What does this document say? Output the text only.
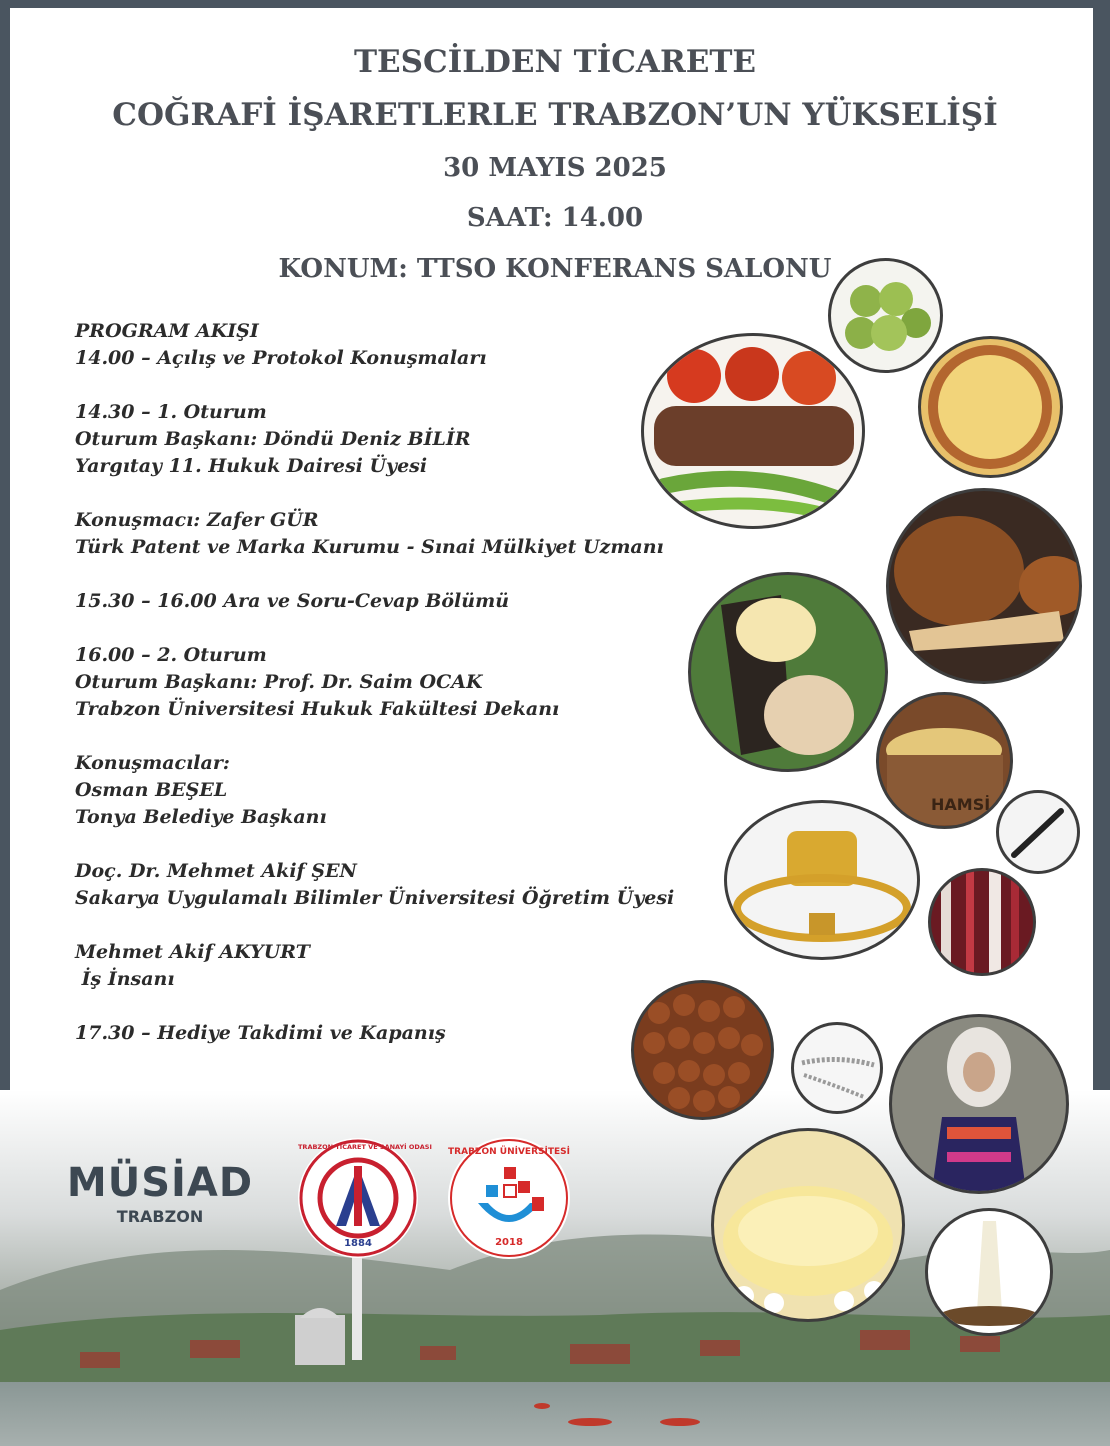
TESCİLDEN TİCARETE
COĞRAFİ İŞARETLERLE TRABZON’UN YÜKSELİŞİ
30 MAYIS 2025
SAAT: 14.00
KONUM: TTSO KONFERANS SALONU
PROGRAM AKIŞI
14.00 – Açılış ve Protokol Konuşmaları
14.30 – 1. Oturum
Oturum Başkanı: Döndü Deniz BİLİR
Yargıtay 11. Hukuk Dairesi Üyesi
Konuşmacı: Zafer GÜR
Türk Patent ve Marka Kurumu - Sınai Mülkiyet Uzmanı
15.30 – 16.00 Ara ve Soru-Cevap Bölümü
16.00 – 2. Oturum
Oturum Başkanı: Prof. Dr. Saim OCAK
Trabzon Üniversitesi Hukuk Fakültesi Dekanı
Konuşmacılar:
Osman BEŞEL
Tonya Belediye Başkanı
Doç. Dr. Mehmet Akif ŞEN
Sakarya Uygulamalı Bilimler Üniversitesi Öğretim Üyesi
Mehmet Akif AKYURT
İş İnsanı
17.30 – Hediye Takdimi ve Kapanış
HAMSİ
MÜSİAD
TRABZON
TRABZON TİCARET VE SANAYİ ODASI
1884
TRABZON ÜNİVERSİTESİ
2018
